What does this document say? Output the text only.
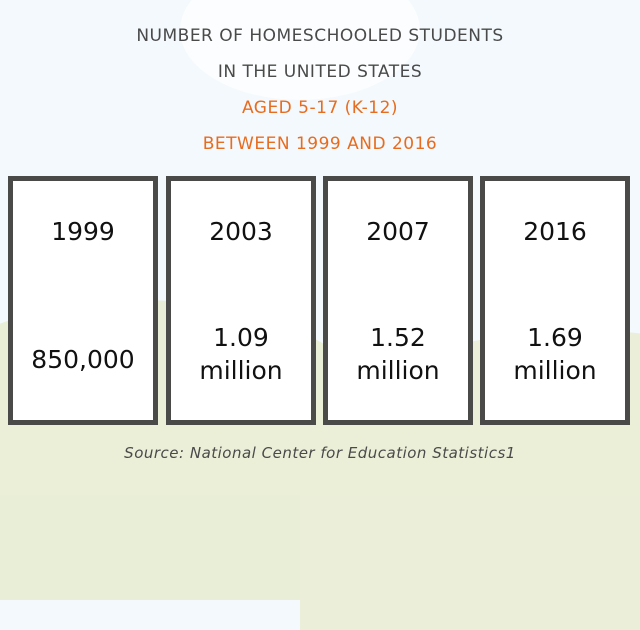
NUMBER OF HOMESCHOOLED STUDENTS
IN THE UNITED STATES
AGED 5-17 (K-12)
BETWEEN 1999 AND 2016
1999
850,000
2003
1.09
million
2007
1.52
million
2016
1.69
million
Source: National Center for Education Statistics1
